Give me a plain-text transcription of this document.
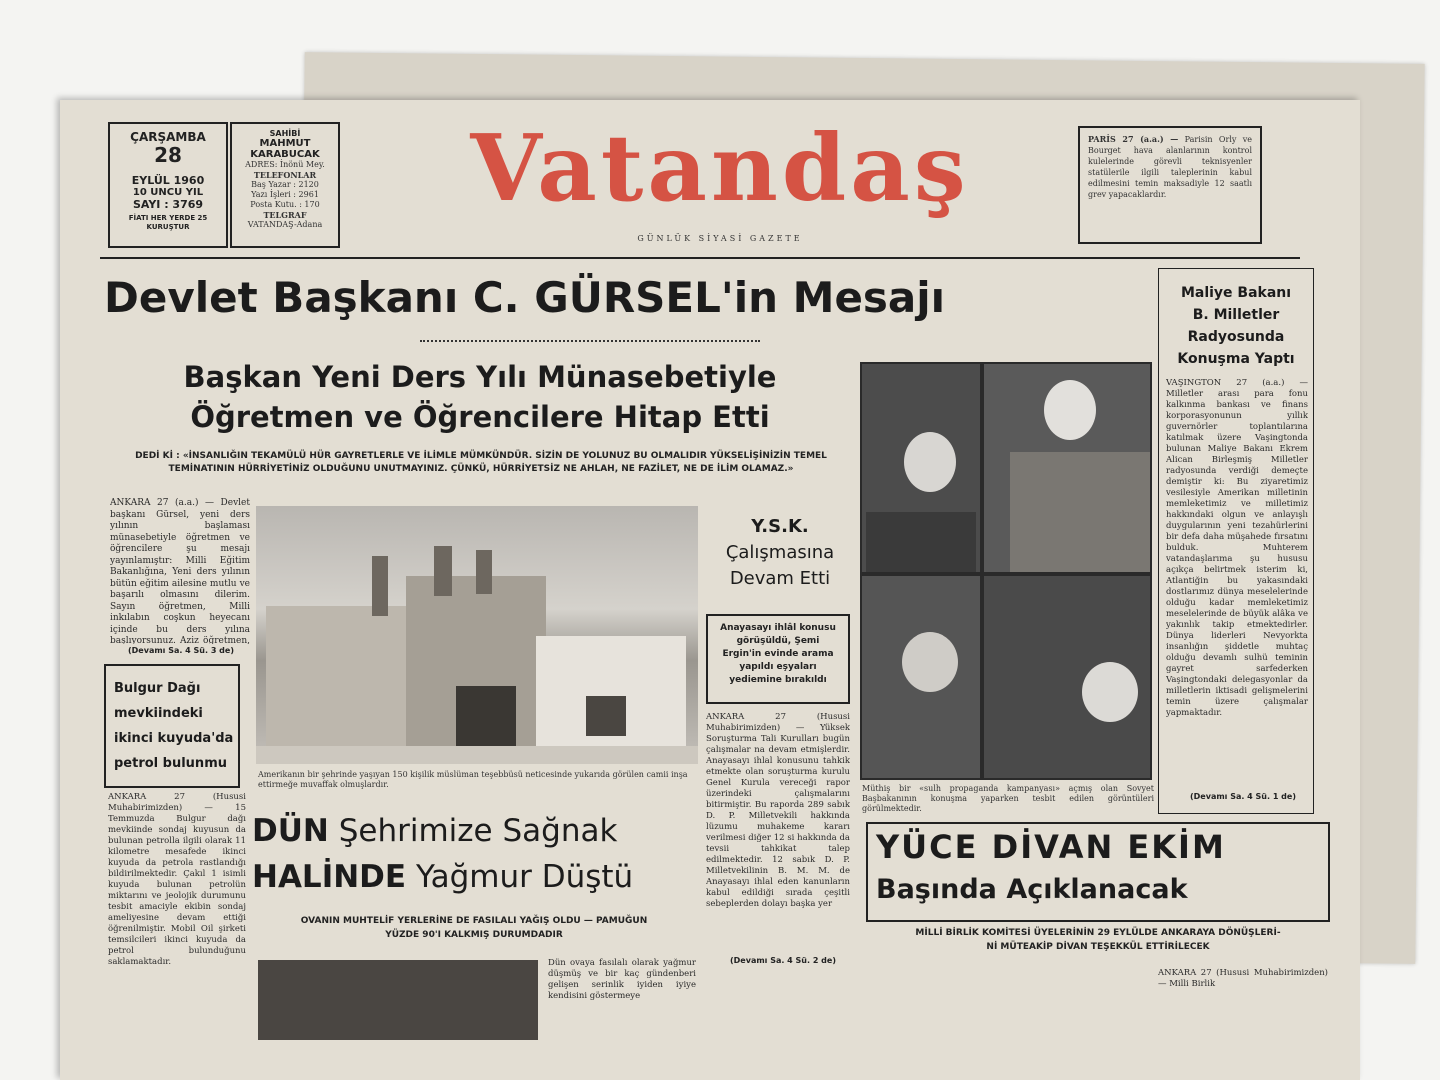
ÇARŞAMBA
28
EYLÜL 1960
10 UNCU YIL
SAYI : 3769
FİATI HER YERDE 25 KURUŞTUR
SAHİBİ
MAHMUT
KARABUCAK
ADRES: İnönü Mey.
TELEFONLAR
Baş Yazar : 2120
Yazı İşleri : 2961
Posta Kutu. : 170
TELGRAF
VATANDAŞ-Adana
Vatandaş
GÜNLÜK SİYASİ GAZETE
PARİS 27 (a.a.) — Parisin Orly ve Bourget hava alanlarının kontrol kulelerinde görevli teknisyenler statülerile ilgili taleplerinin kabul edilmesini temin maksadiyle 12 saatlı grev yapacaklardır.
Devlet Başkanı C. GÜRSEL'in Mesajı
Başkan Yeni Ders Yılı Münasebetiyle
Öğretmen ve Öğrencilere Hitap Etti
DEDİ Kİ : «İNSANLIĞIN TEKAMÜLÜ HÜR GAYRETLERLE VE İLİMLE MÜMKÜNDÜR. SİZİN DE YOLUNUZ BU OLMALIDIR YÜKSELİŞİNİZİN TEMEL TEMİNATININ HÜRRİYETİNİZ OLDUĞUNU UNUTMAYINIZ. ÇÜNKÜ, HÜRRİYETSİZ NE AHLAH, NE FAZİLET, NE DE İLİM OLAMAZ.»
ANKARA 27 (a.a.) — Devlet başkanı Gürsel, yeni ders yılının başlaması münasebetiyle öğretmen ve öğrencilere şu mesajı yayınlamıştır: Milli Eğitim Bakanlığına, Yeni ders yılının bütün eğitim ailesine mutlu ve başarılı olmasını dilerim. Sayın öğretmen, Milli inkılabın coşkun heyecanı içinde bu ders yılına başlıyorsunuz. Aziz öğretmen,
(Devamı Sa. 4 Sü. 3 de)
Amerikanın bir şehrinde yaşıyan 150 kişilik müslüman teşebbüsü neticesinde yukarıda görülen camii inşa ettirmeğe muvaffak olmuşlardır.
Y.S.K.
Çalışmasına
Devam Etti
Anayasayı ihlâl konusu görüşüldü, Şemi Ergin'in evinde arama yapıldı eşyaları yediemine bırakıldı
ANKARA 27 (Hususi Muhabirimizden) — Yüksek Soruşturma Tali Kurulları bugün çalışmalar na devam etmişlerdir. Anayasayı ihlal konusunu tahkik etmekte olan soruşturma kurulu Genel Kurula vereceği rapor üzerindeki çalışmalarını bitirmiştir. Bu raporda 289 sabık D. P. Milletvekili hakkında lüzumu muhakeme kararı verilmesi diğer 12 si hakkında da tevsii tahkikat talep edilmektedir. 12 sabık D. P. Milletvekilinin B. M. M. de Anayasayı ihlal eden kanunların kabul edildiği sırada çeşitli sebeplerden dolayı başka yer
(Devamı Sa. 4 Sü. 2 de)
Müthiş bir «sulh propaganda kampanyası» açmış olan Sovyet Başbakanının konuşma yaparken tesbit edilen görüntüleri görülmektedir.
Maliye Bakanı
B. Milletler
Radyosunda
Konuşma Yaptı
VAŞİNGTON 27 (a.a.) — Milletler arası para fonu kalkınma bankası ve finans korporasyonunun yıllık guvernörler toplantılarına katılmak üzere Vaşingtonda bulunan Maliye Bakanı Ekrem Alican Birleşmiş Milletler radyosunda verdiği demeçte demiştir ki: Bu ziyaretimiz vesilesiyle Amerikan milletinin memleketimiz ve milletimiz hakkındaki olgun ve anlayışlı duygularının yeni tezahürlerini bir defa daha müşahede fırsatını bulduk. Muhterem vatandaşlarıma şu hususu açıkça belirtmek isterim ki, Atlantiğin bu yakasındaki dostlarımız dünya meselelerinde olduğu kadar memleketimiz meselelerinde de büyük alâka ve yakınlık takip etmektedirler. Dünya liderleri Nevyorkta insanlığın şiddetle muhtaç olduğu devamlı sulhü teminin gayret sarfederken Vaşingtondaki delegasyonlar da milletlerin iktisadi gelişmelerini temin üzere çalışmalar yapmaktadır.
(Devamı Sa. 4 Sü. 1 de)
Bulgur Dağı
mevkiindeki
ikinci kuyuda'da
petrol bulunmu
ANKARA 27 (Hususi Muhabirimizden) — 15 Temmuzda Bulgur dağı mevkiinde sondaj kuyusun da bulunan petrolla ilgili olarak 11 kilometre mesafede ikinci kuyuda da petrola rastlandığı bildirilmektedir. Çakıl 1 isimli kuyuda bulunan petrolün miktarını ve jeolojik durumunu tesbit amaciyle ekibin sondaj ameliyesine devam ettiği öğrenilmiştir. Mobil Oil şirketi temsilcileri ikinci kuyuda da petrol bulunduğunu saklamaktadır.
DÜN Şehrimize Sağnak
HALİNDE Yağmur Düştü
OVANIN MUHTELİF YERLERİNE DE FASILALI YAĞIŞ OLDU — PAMUĞUN
YÜZDE 90'I KALKMIŞ DURUMDADIR
Dün ovaya fasılalı olarak yağmur düşmüş ve bir kaç gündenberi gelişen serinlik iyiden iyiye kendisini göstermeye
YÜCE DİVAN EKİM
Başında Açıklanacak
MİLLİ BİRLİK KOMİTESİ ÜYELERİNİN 29 EYLÜLDE ANKARAYA DÖNÜŞLERİ-
Nİ MÜTEAKİP DİVAN TEŞEKKÜL ETTİRİLECEK
ANKARA 27 (Hususi Muhabirimizden) — Milli Birlik
